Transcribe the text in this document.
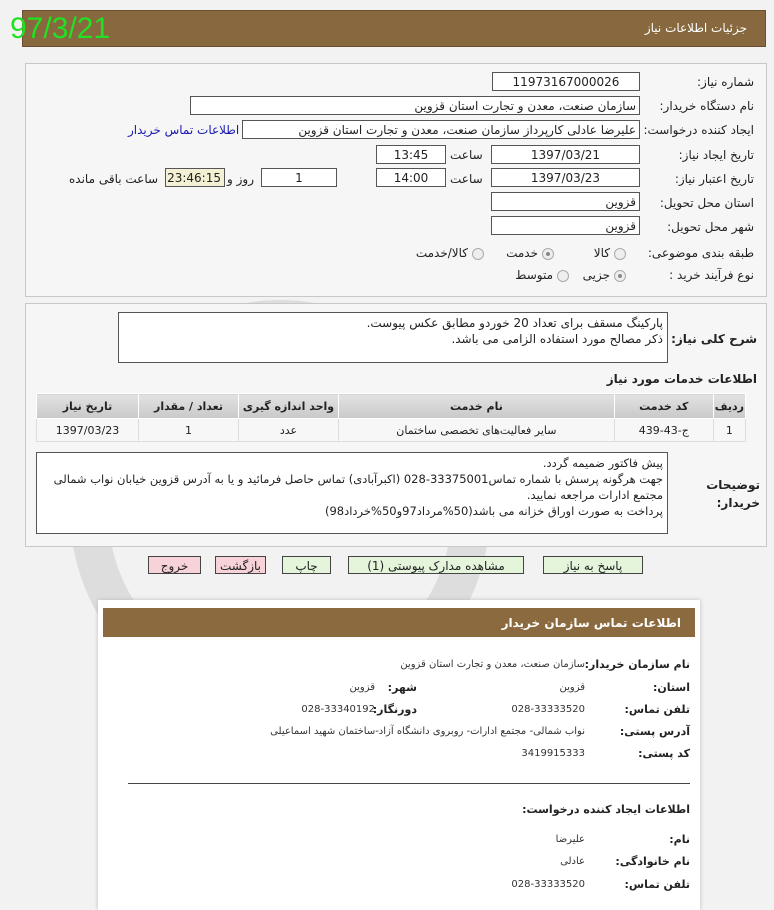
جزئیات اطلاعات نیاز
97/3/21
شماره نیاز:
11973167000026
نام دستگاه خریدار:
سازمان صنعت، معدن و تجارت استان قزوین
ایجاد کننده درخواست:
علیرضا عادلی کارپرداز سازمان صنعت، معدن و تجارت استان قزوین
اطلاعات تماس خریدار
تاریخ ایجاد نیاز:
1397/03/21
ساعت
13:45
تاریخ اعتبار نیاز:
1397/03/23
ساعت
14:00
1
روز و
23:46:15
ساعت باقی مانده
استان محل تحویل:
قزوین
شهر محل تحویل:
قزوین
طبقه بندی موضوعی:
کالا
خدمت
کالا/خدمت
نوع فرآیند خرید :
جزیی
متوسط
شرح کلی نیاز:
پارکینگ مسقف برای تعداد 20 خوردو مطابق عکس پیوست.
ذکر مصالح مورد استفاده الزامی می باشد.
اطلاعات خدمات مورد نیاز
ردیف	کد خدمت	نام خدمت	واحد اندازه گیری	تعداد / مقدار	تاریخ نیاز
1	ج-43-439	سایر فعالیت‌های تخصصی ساختمان	عدد	1	1397/03/23
توضیحات خریدار:
پیش فاکتور ضمیمه گردد.
جهت هرگونه پرسش با شماره تماس33375001-028 (اکبرآبادی) تماس حاصل فرمائید و یا به آدرس قزوین خیابان نواب شمالی مجتمع ادارات مراجعه نمایید.
پرداخت به صورت اوراق خزانه می باشد(50%مرداد97و50%خرداد98)
پاسخ به نیاز
مشاهده مدارک پیوستی (1)
چاپ
بازگشت
خروج
اطلاعات تماس سازمان خریدار
نام سازمان خریدار:
سازمان صنعت، معدن و تجارت استان قزوین
استان:
قزوین
شهر:
قزوین
تلفن تماس:
028-33333520
دورنگار:
028-33340192
آدرس پستی:
نواب شمالی- مجتمع ادارات- روبروی دانشگاه آزاد-ساختمان شهید اسماعیلی
کد پستی:
3419915333
اطلاعات ایجاد کننده درخواست:
نام:
علیرضا
نام خانوادگی:
عادلی
تلفن تماس:
028-33333520
